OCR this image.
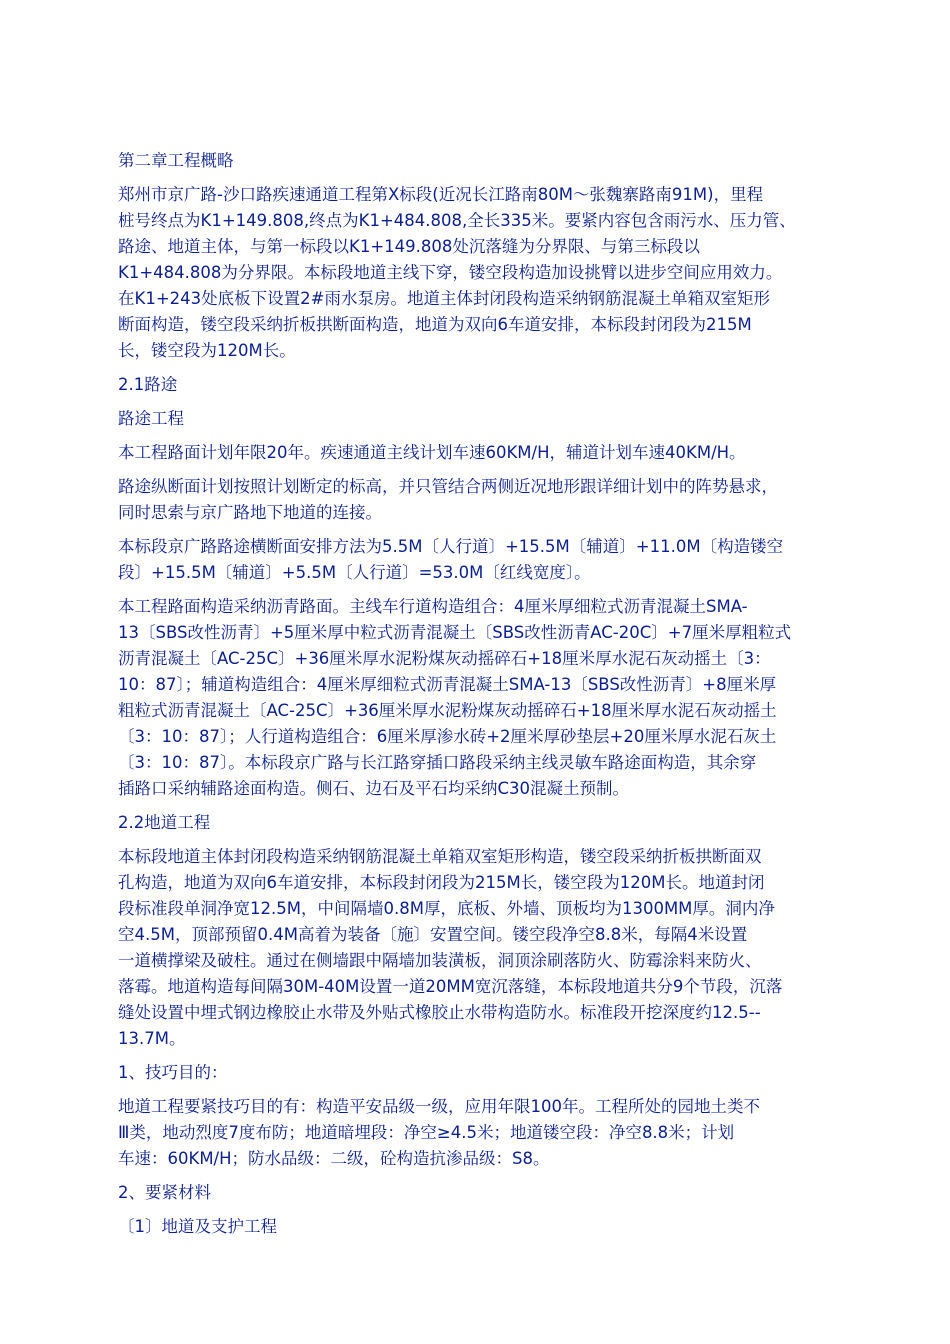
第二章工程概略

郑州市京广路-沙口路疾速通道工程第Ⅹ标段(近况长江路南80M～张魏寨路南91M)，里程
桩号终点为K1+149.808,终点为K1+484.808,全长335米。要紧内容包含雨污水、压力管、
路途、地道主体，与第一标段以K1+149.808处沉落缝为分界限、与第三标段以
K1+484.808为分界限。本标段地道主线下穿，镂空段构造加设挑臂以进步空间应用效力。
在K1+243处底板下设置2#雨水泵房。地道主体封闭段构造采纳钢筋混凝土单箱双室矩形
断面构造，镂空段采纳折板拱断面构造，地道为双向6车道安排，本标段封闭段为215M
长，镂空段为120M长。

2.1路途

路途工程

本工程路面计划年限20年。疾速通道主线计划车速60KM/H，辅道计划车速40KM/H。

路途纵断面计划按照计划断定的标高，并只管结合两侧近况地形跟详细计划中的阵势悬求，
同时思索与京广路地下地道的连接。

本标段京广路路途横断面安排方法为5.5M〔人行道〕+15.5M〔辅道〕+11.0M〔构造镂空
段〕+15.5M〔辅道〕+5.5M〔人行道〕=53.0M〔红线宽度〕。

本工程路面构造采纳沥青路面。主线车行道构造组合：4厘米厚细粒式沥青混凝土SMA-
13〔SBS改性沥青〕+5厘米厚中粒式沥青混凝土〔SBS改性沥青AC-20C〕+7厘米厚粗粒式
沥青混凝土〔AC-25C〕+36厘米厚水泥粉煤灰动摇碎石+18厘米厚水泥石灰动摇土〔3：
10：87〕；辅道构造组合：4厘米厚细粒式沥青混凝土SMA-13〔SBS改性沥青〕+8厘米厚
粗粒式沥青混凝土〔AC-25C〕+36厘米厚水泥粉煤灰动摇碎石+18厘米厚水泥石灰动摇土
〔3：10：87〕；人行道构造组合：6厘米厚渗水砖+2厘米厚砂垫层+20厘米厚水泥石灰土
〔3：10：87〕。本标段京广路与长江路穿插口路段采纳主线灵敏车路途面构造，其余穿
插路口采纳辅路途面构造。侧石、边石及平石均采纳C30混凝土预制。

2.2地道工程

本标段地道主体封闭段构造采纳钢筋混凝土单箱双室矩形构造，镂空段采纳折板拱断面双
孔构造，地道为双向6车道安排，本标段封闭段为215M长，镂空段为120M长。地道封闭
段标准段单洞净宽12.5M，中间隔墙0.8M厚，底板、外墙、顶板均为1300MM厚。洞内净
空4.5M，顶部预留0.4M高着为装备〔施〕安置空间。镂空段净空8.8米，每隔4米设置
一道横撑梁及破柱。通过在侧墙跟中隔墙加装潢板，洞顶涂刷落防火、防霉涂料来防火、
落霉。地道构造每间隔30M-40M设置一道20MM宽沉落缝，本标段地道共分9个节段，沉落
缝处设置中埋式钢边橡胶止水带及外贴式橡胶止水带构造防水。标准段开挖深度约12.5--
13.7M。

1、技巧目的：

地道工程要紧技巧目的有：构造平安品级一级，应用年限100年。工程所处的园地土类不
Ⅲ类，地动烈度7度布防；地道暗埋段：净空≥4.5米；地道镂空段：净空8.8米；计划
车速：60KM/H；防水品级：二级，砼构造抗渗品级：S8。

2、要紧材料

〔1〕地道及支护工程
